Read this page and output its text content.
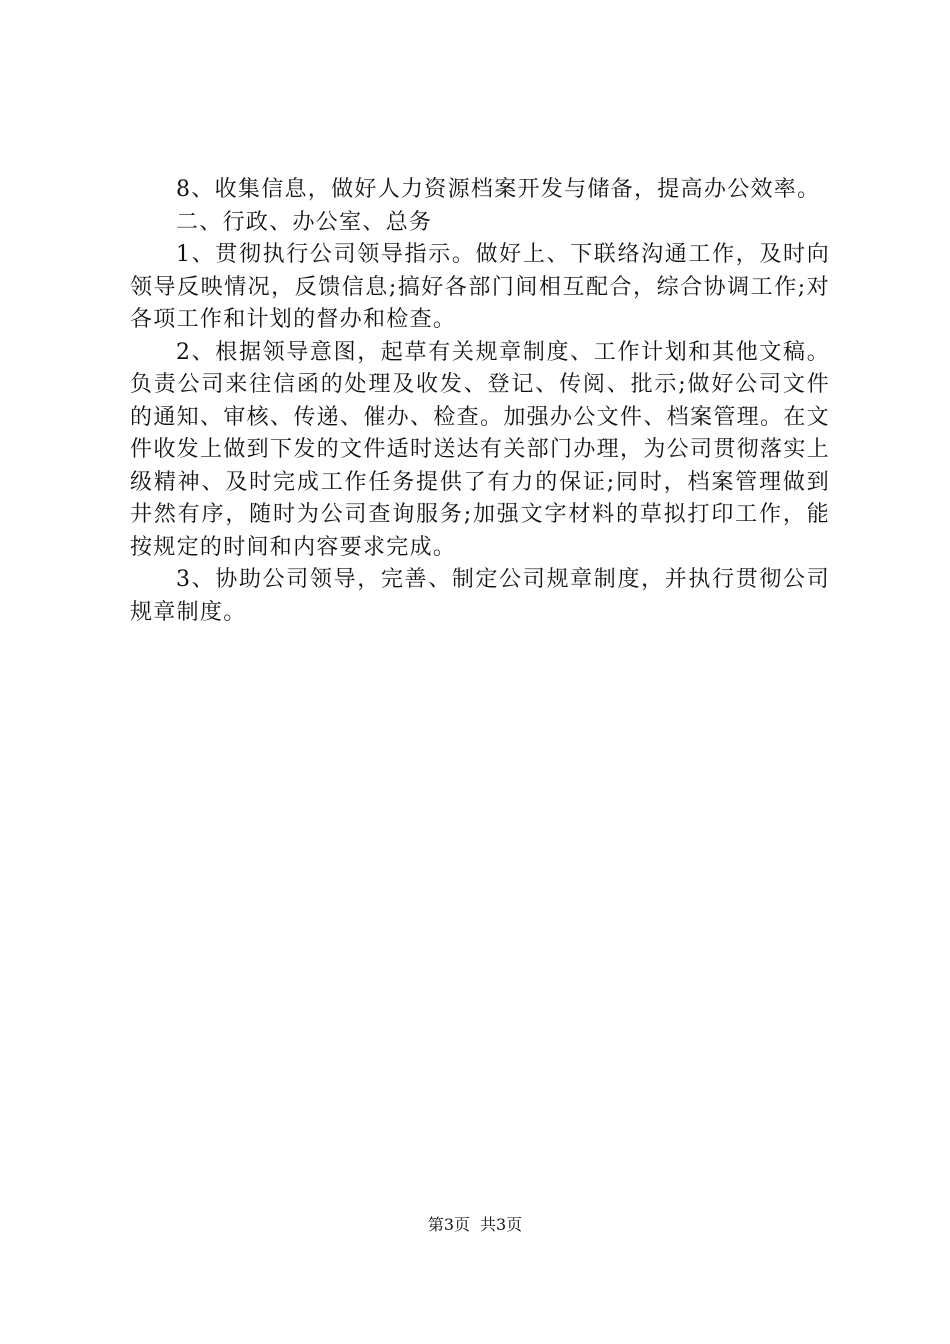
8、收集信息，做好人力资源档案开发与储备，提高办公效率。

二、行政、办公室、总务

1、贯彻执行公司领导指示。做好上、下联络沟通工作，及时向领导反映情况，反馈信息;搞好各部门间相互配合，综合协调工作;对各项工作和计划的督办和检查。

2、根据领导意图，起草有关规章制度、工作计划和其他文稿。负责公司来往信函的处理及收发、登记、传阅、批示;做好公司文件的通知、审核、传递、催办、检查。加强办公文件、档案管理。在文件收发上做到下发的文件适时送达有关部门办理，为公司贯彻落实上级精神、及时完成工作任务提供了有力的保证;同时，档案管理做到井然有序，随时为公司查询服务;加强文字材料的草拟打印工作，能按规定的时间和内容要求完成。

3、协助公司领导，完善、制定公司规章制度，并执行贯彻公司规章制度。

第3页 共3页
